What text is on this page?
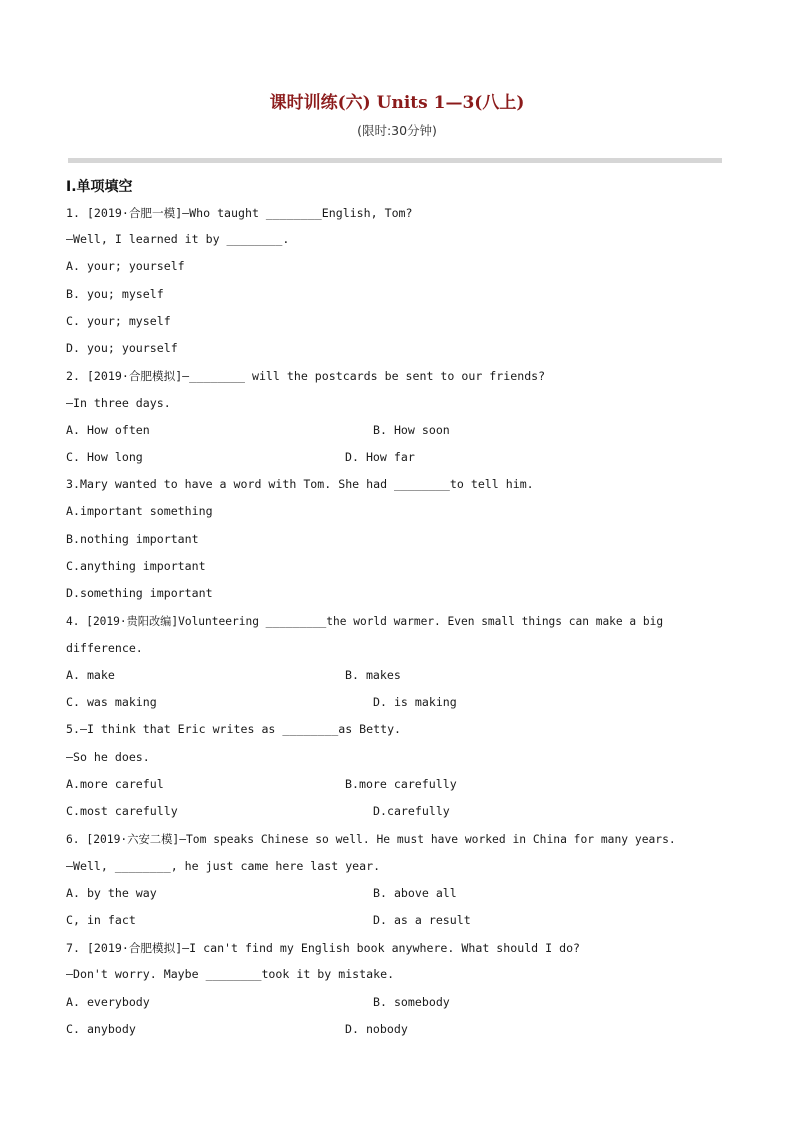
课时训练(六) Units 1—3(八上)
(限时:30分钟)
Ⅰ.单项填空
1. [2019·合肥一模]—Who taught ________English, Tom?
—Well, I learned it by ________.
A. your; yourself
B. you; myself
C. your; myself
D. you; yourself
2. [2019·合肥模拟]—________ will the postcards be sent to our friends?
—In three days.
A. How often	B. How soon
C. How long	D. How far
3.Mary wanted to have a word with Tom. She had ________to tell him.
A.important something
B.nothing important
C.anything important
D.something important
4. [2019·贵阳改编]Volunteering _________the world warmer. Even small things can make a big
difference.
A. make	B. makes
C. was making	D. is making
5.—I think that Eric writes as ________as Betty.
—So he does.
A.more careful	B.more carefully
C.most carefully	D.carefully
6. [2019·六安二模]—Tom speaks Chinese so well. He must have worked in China for many years.
—Well, ________, he just came here last year.
A. by the way	B. above all
C, in fact	D. as a result
7. [2019·合肥模拟]—I can't find my English book anywhere. What should I do?
—Don't worry. Maybe ________took it by mistake.
A. everybody	B. somebody
C. anybody	D. nobody
